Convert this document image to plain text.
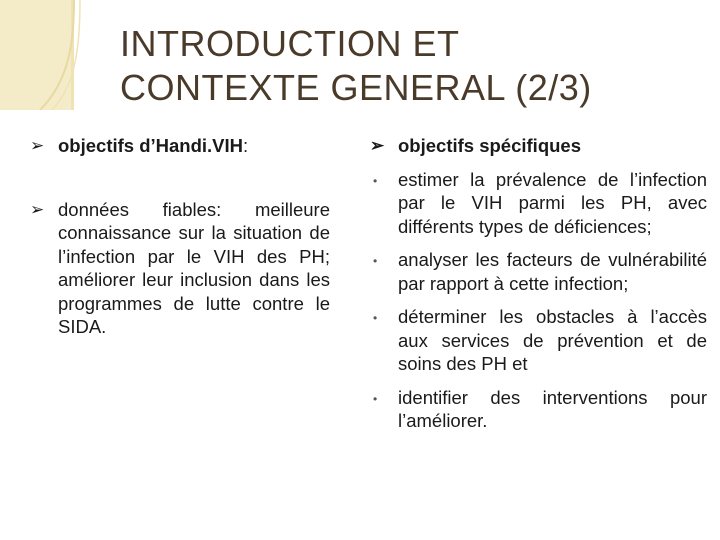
INTRODUCTION ET
CONTEXTE GENERAL (2/3)
➢ objectifs d’Handi.VIH:
➢ données fiables: meilleure connaissance sur la situation de l’infection par le VIH des PH; améliorer leur inclusion dans les programmes de lutte contre le SIDA.
➢ objectifs spécifiques
•	estimer la prévalence de l’infection par le VIH parmi les PH, avec différents types de déficiences;
•	analyser les facteurs de vulnérabilité par rapport à cette infection;
•	déterminer les obstacles à l’accès aux services de prévention et de soins des PH et
•	identifier des interventions pour l’améliorer.
